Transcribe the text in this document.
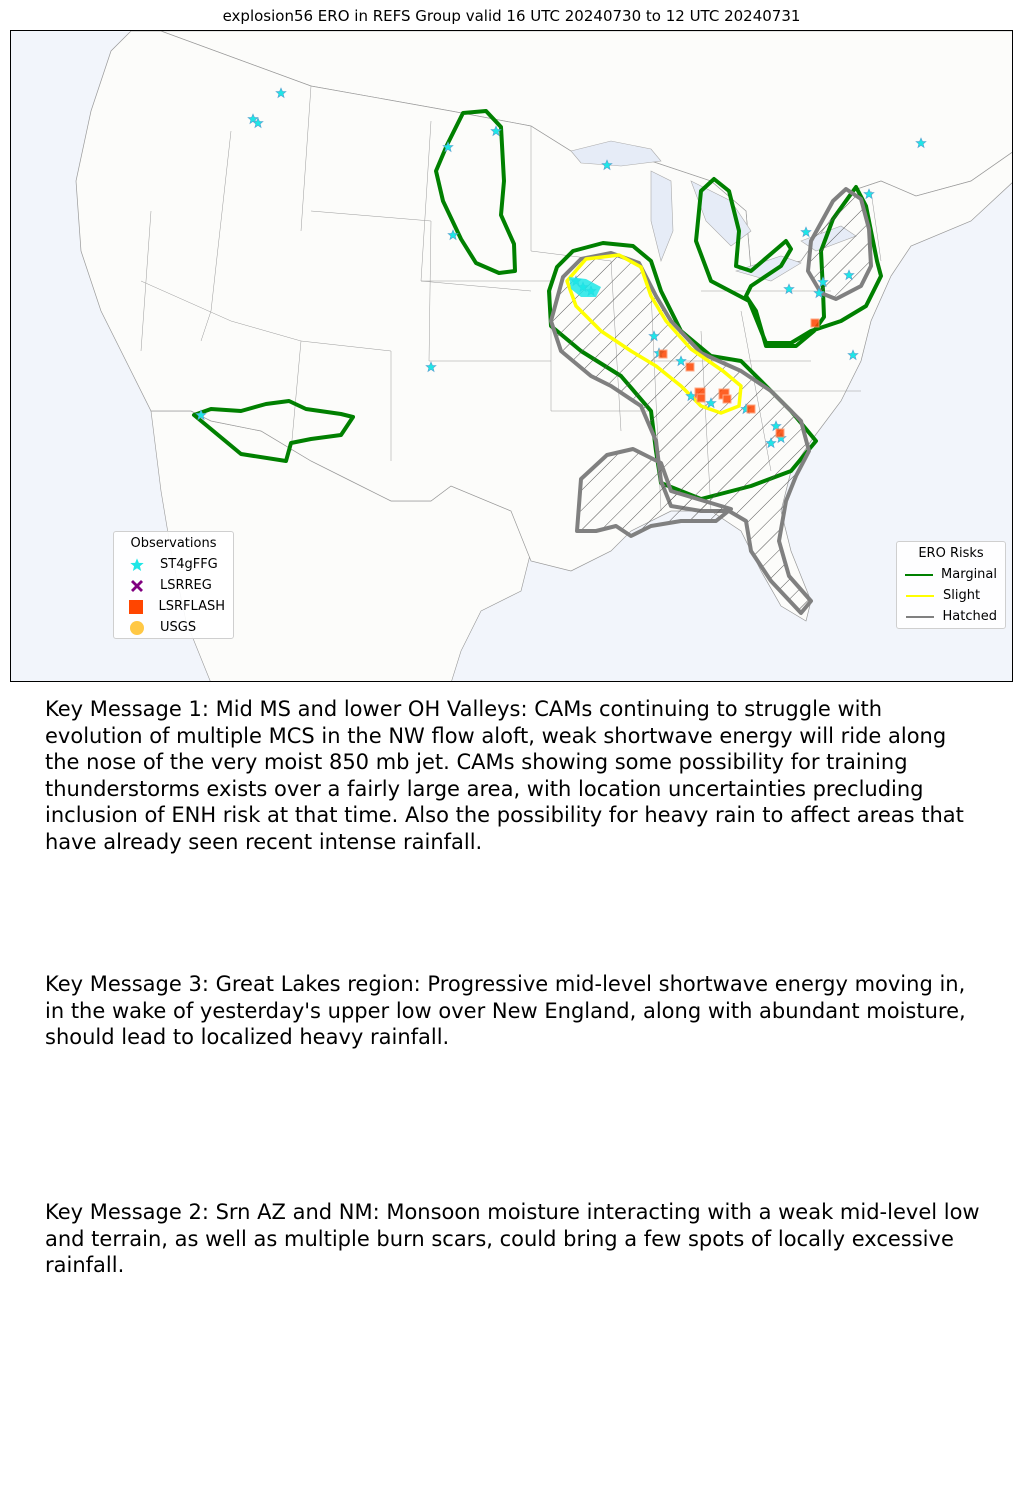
explosion56 ERO in REFS Group valid 16 UTC 20240730 to 12 UTC 20240731
Observations
ST4gFFG
LSRREG
LSRFLASH
USGS
ERO Risks
Marginal
Slight
Hatched
Key Message 1: Mid MS and lower OH Valleys: CAMs continuing to struggle with evolution of multiple MCS in the NW flow aloft, weak shortwave energy will ride along the nose of the very moist 850 mb jet. CAMs showing some possibility for training thunderstorms exists over a fairly large area, with location uncertainties precluding inclusion of ENH risk at that time. Also the possibility for heavy rain to affect areas that have already seen recent intense rainfall.
Key Message 3: Great Lakes region: Progressive mid-level shortwave energy moving in, in the wake of yesterday's upper low over New England, along with abundant moisture, should lead to localized heavy rainfall.
Key Message 2: Srn AZ and NM: Monsoon moisture interacting with a weak mid-level low and terrain, as well as multiple burn scars, could bring a few spots of locally excessive rainfall.
